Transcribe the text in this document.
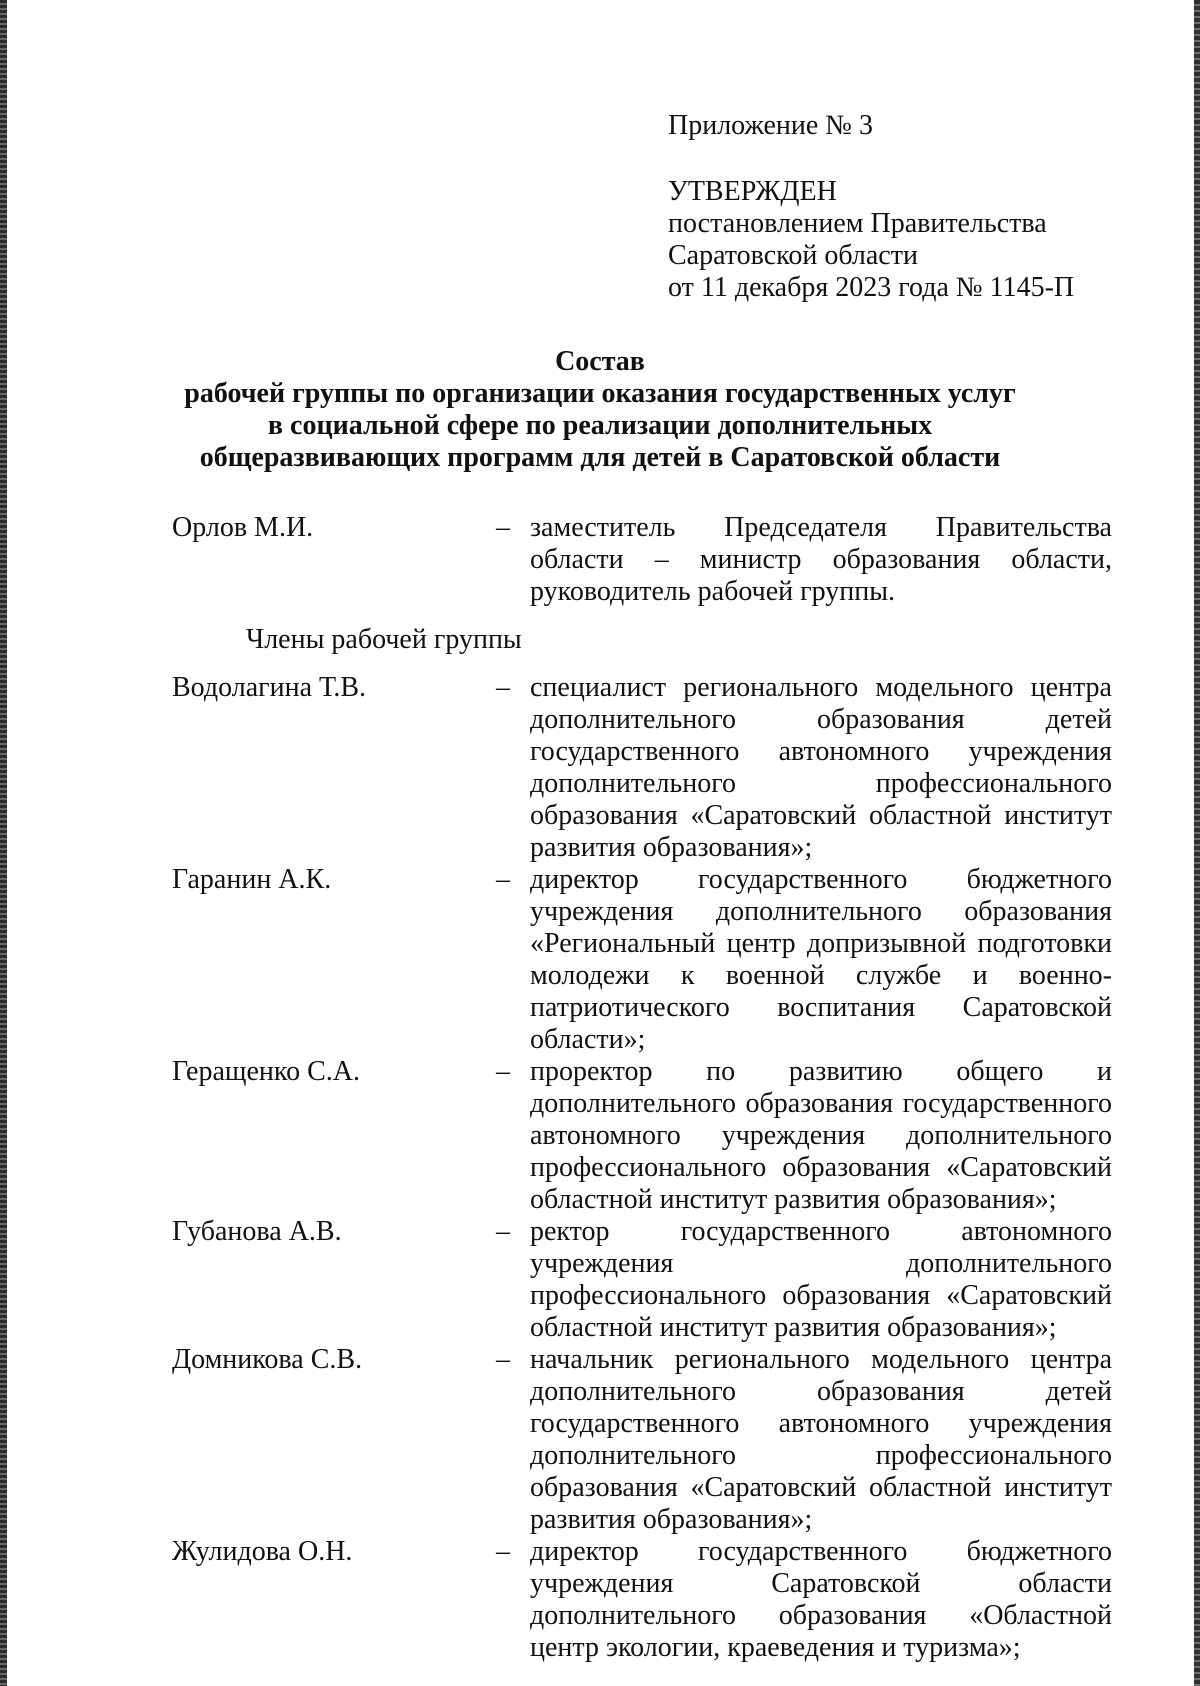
Приложение № 3
УТВЕРЖДЕН
постановлением Правительства
Саратовской области
от 11 декабря 2023 года № 1145-П
Состав
рабочей группы по организации оказания государственных услуг
в социальной сфере по реализации дополнительных
общеразвивающих программ для детей в Саратовской области
Орлов М.И.	– заместитель Председателя Правительства области – министр образования области, руководитель рабочей группы.
Члены рабочей группы
Водолагина Т.В.	– специалист регионального модельного центра дополнительного образования детей государственного автономного учреждения дополнительного профессионального образования «Саратовский областной институт развития образования»;
Гаранин А.К.	– директор государственного бюджетного учреждения дополнительного образования «Региональный центр допризывной подготовки молодежи к военной службе и военно-патриотического воспитания Саратовской области»;
Геращенко С.А.	– проректор по развитию общего и дополнительного образования государственного автономного учреждения дополнительного профессионального образования «Саратовский областной институт развития образования»;
Губанова А.В.	– ректор государственного автономного учреждения дополнительного профессионального образования «Саратовский областной институт развития образования»;
Домникова С.В.	– начальник регионального модельного центра дополнительного образования детей государственного автономного учреждения дополнительного профессионального образования «Саратовский областной институт развития образования»;
Жулидова О.Н.	– директор государственного бюджетного учреждения Саратовской области дополнительного образования «Областной центр экологии, краеведения и туризма»;
